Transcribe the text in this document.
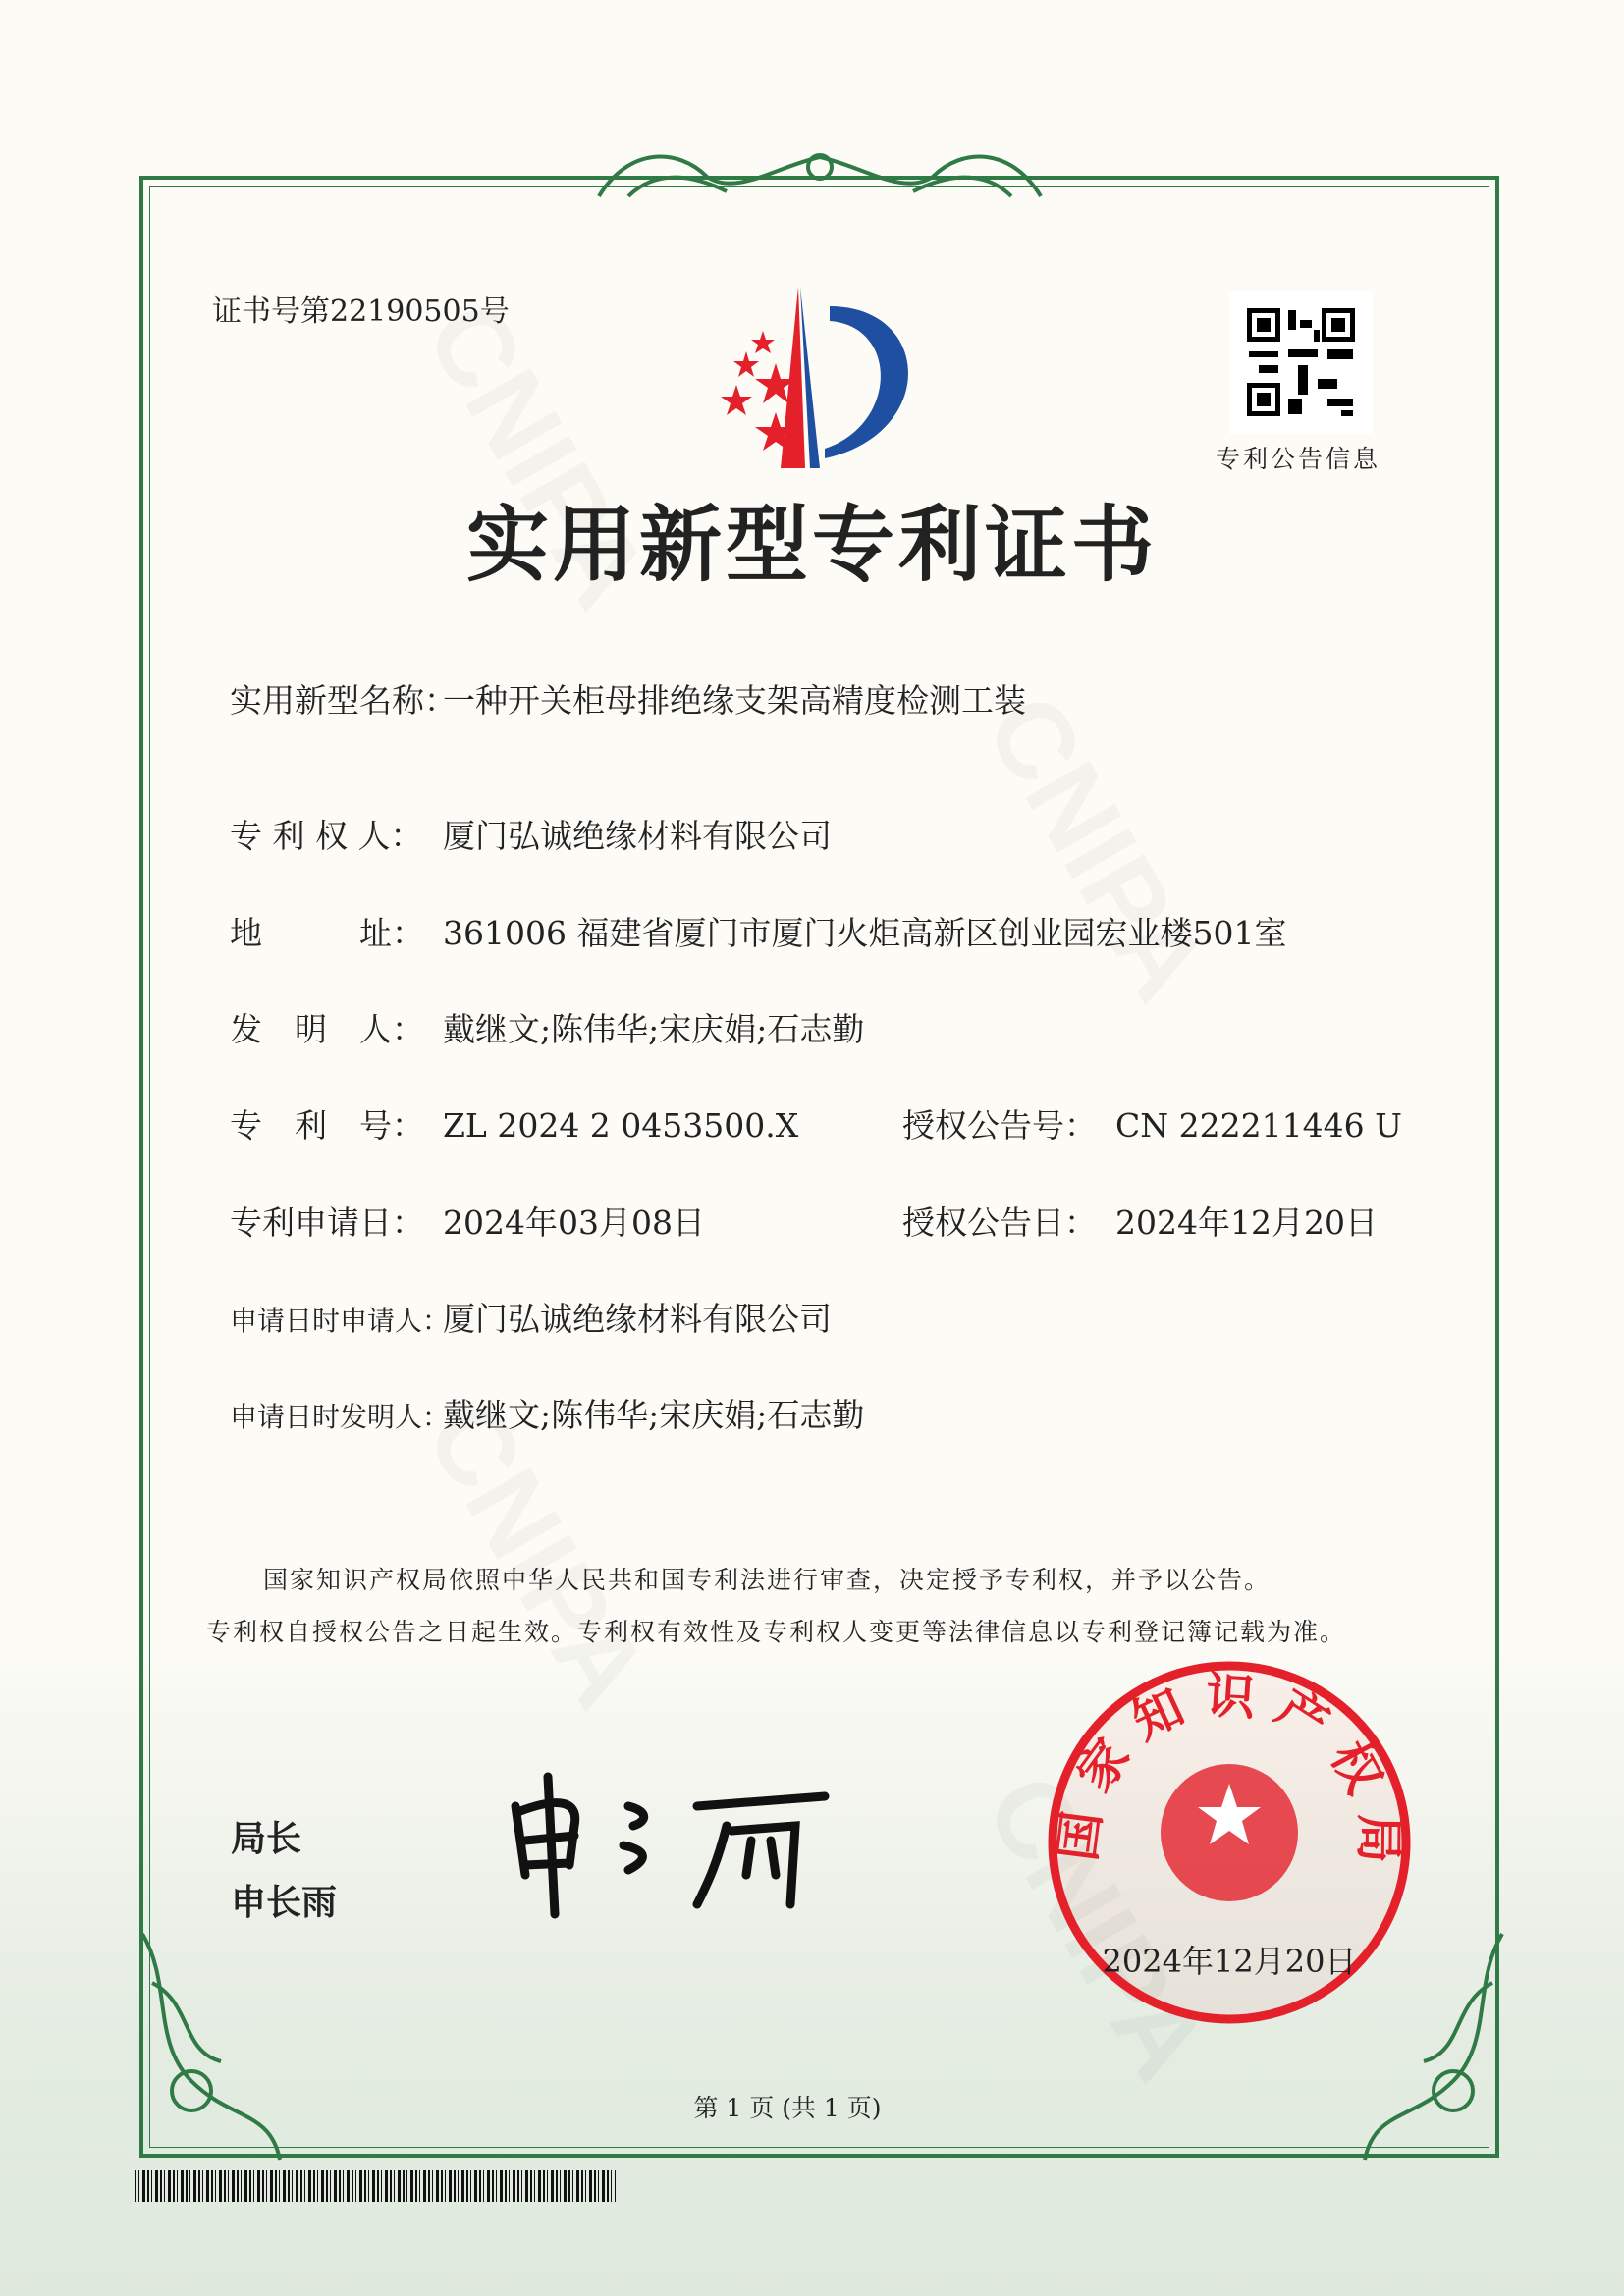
证书号第22190505号
专利公告信息
实用新型专利证书
实用新型名称：一种开关柜母排绝缘支架高精度检测工装
专 利 权 人： 厦门弘诚绝缘材料有限公司
地　　　址： 361006 福建省厦门市厦门火炬高新区创业园宏业楼501室
发　明　人： 戴继文;陈伟华;宋庆娟;石志勤
专　利　号： ZL 2024 2 0453500.X
专利申请日： 2024年03月08日
申请日时申请人：厦门弘诚绝缘材料有限公司
申请日时发明人：戴继文;陈伟华;宋庆娟;石志勤
授权公告号： CN 222211446 U
授权公告日： 2024年12月20日
国家知识产权局依照中华人民共和国专利法进行审查，决定授予专利权，并予以公告。
专利权自授权公告之日起生效。专利权有效性及专利权人变更等法律信息以专利登记簿记载为准。
局长
申长雨
国家知识产权局
2024年12月20日
第 1 页 (共 1 页)
